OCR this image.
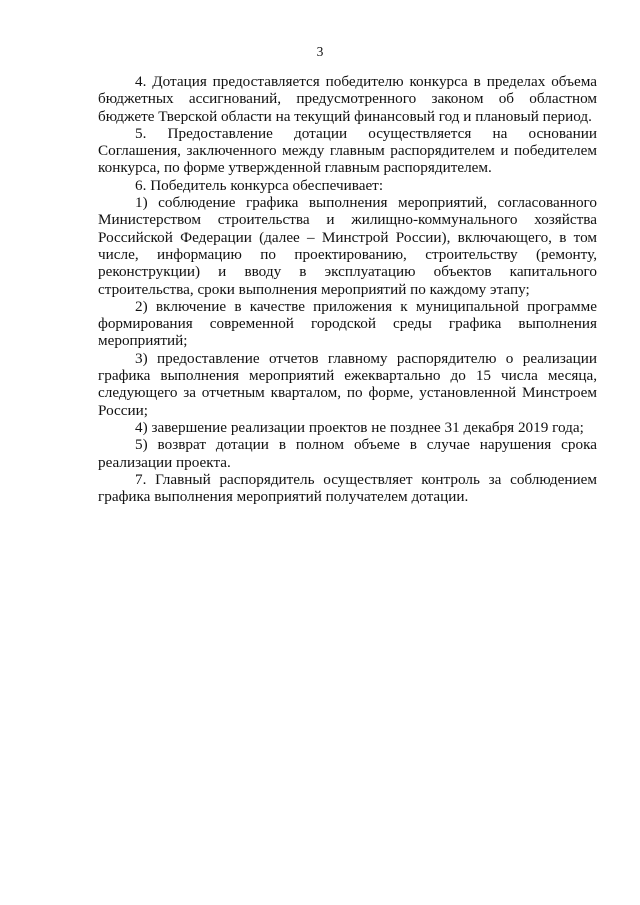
3

4. Дотация предоставляется победителю конкурса в пределах объема бюджетных ассигнований, предусмотренного законом об областном бюджете Тверской области на текущий финансовый год и плановый период.

5. Предоставление дотации осуществляется на основании Соглашения, заключенного между главным распорядителем и победителем конкурса, по форме утвержденной главным распорядителем.

6. Победитель конкурса обеспечивает:

1) соблюдение графика выполнения мероприятий, согласованного Министерством строительства и жилищно-коммунального хозяйства Российской Федерации (далее – Минстрой России), включающего, в том числе, информацию по проектированию, строительству (ремонту, реконструкции) и вводу в эксплуатацию объектов капитального строительства, сроки выполнения мероприятий по каждому этапу;

2) включение в качестве приложения к муниципальной программе формирования современной городской среды графика выполнения мероприятий;

3) предоставление отчетов главному распорядителю о реализации графика выполнения мероприятий ежеквартально до 15 числа месяца, следующего за отчетным кварталом, по форме, установленной Минстроем России;

4) завершение реализации проектов не позднее 31 декабря 2019 года;

5) возврат дотации в полном объеме в случае нарушения срока реализации проекта.

7. Главный распорядитель осуществляет контроль за соблюдением графика выполнения мероприятий получателем дотации.
